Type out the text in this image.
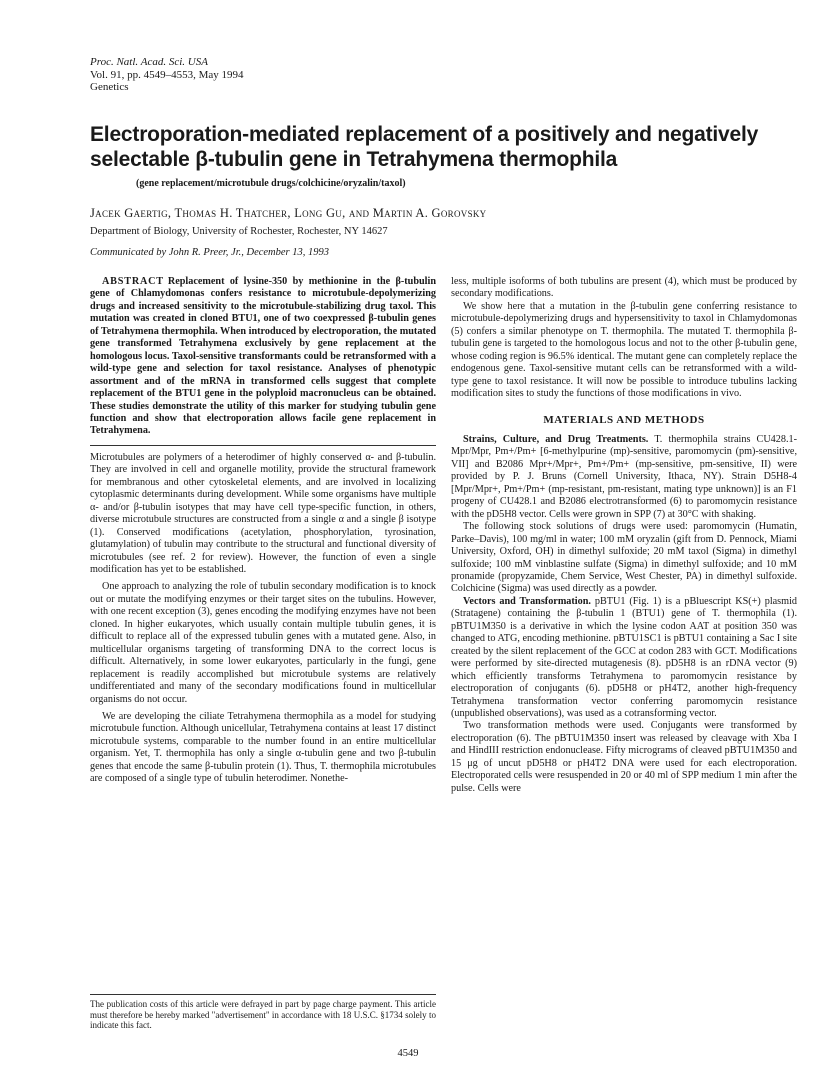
Proc. Natl. Acad. Sci. USA
Vol. 91, pp. 4549–4553, May 1994
Genetics
Electroporation-mediated replacement of a positively and negatively selectable β-tubulin gene in Tetrahymena thermophila
(gene replacement/microtubule drugs/colchicine/oryzalin/taxol)
Jacek Gaertig, Thomas H. Thatcher, Long Gu, and Martin A. Gorovsky
Department of Biology, University of Rochester, Rochester, NY 14627
Communicated by John R. Preer, Jr., December 13, 1993

ABSTRACT Replacement of lysine-350 by methionine in the β-tubulin gene of Chlamydomonas confers resistance to microtubule-depolymerizing drugs and increased sensitivity to the microtubule-stabilizing drug taxol. This mutation was created in cloned BTU1, one of two coexpressed β-tubulin genes of Tetrahymena thermophila. When introduced by electroporation, the mutated gene transformed Tetrahymena exclusively by gene replacement at the homologous locus. Taxol-sensitive transformants could be retransformed with a wild-type gene and selection for taxol resistance. Analyses of phenotypic assortment and of the mRNA in transformed cells suggest that complete replacement of the BTU1 gene in the polyploid macronucleus can be obtained. These studies demonstrate the utility of this marker for studying tubulin gene function and show that electroporation allows facile gene replacement in Tetrahymena.

Microtubules are polymers of a heterodimer of highly conserved α- and β-tubulin. They are involved in cell and organelle motility, provide the structural framework for membranous and other cytoskeletal elements, and are involved in localizing cytoplasmic determinants during development. While some organisms have multiple α- and/or β-tubulin isotypes that may have cell type-specific function, in others, diverse microtubule structures are constructed from a single α and a single β isotype (1). Conserved modifications (acetylation, phosphorylation, tyrosination, glutamylation) of tubulin may contribute to the structural and functional diversity of microtubules (see ref. 2 for review). However, the function of even a single modification has yet to be established.

One approach to analyzing the role of tubulin secondary modification is to knock out or mutate the modifying enzymes or their target sites on the tubulins. However, with one recent exception (3), genes encoding the modifying enzymes have not been cloned. In higher eukaryotes, which usually contain multiple tubulin genes, it is difficult to replace all of the expressed tubulin genes with a mutated gene. Also, in multicellular organisms targeting of transforming DNA to the correct locus is difficult. Alternatively, in some lower eukaryotes, particularly in the fungi, gene replacement is readily accomplished but microtubule systems are relatively undifferentiated and many of the secondary modifications found in multicellular organisms do not occur.

We are developing the ciliate Tetrahymena thermophila as a model for studying microtubule function. Although unicellular, Tetrahymena contains at least 17 distinct microtubule systems, comparable to the number found in an entire multicellular organism. Yet, T. thermophila has only a single α-tubulin gene and two β-tubulin genes that encode the same β-tubulin protein (1). Thus, T. thermophila microtubules are composed of a single type of tubulin heterodimer. Nonethe-

less, multiple isoforms of both tubulins are present (4), which must be produced by secondary modifications.

We show here that a mutation in the β-tubulin gene conferring resistance to microtubule-depolymerizing drugs and hypersensitivity to taxol in Chlamydomonas (5) confers a similar phenotype on T. thermophila. The mutated T. thermophila β-tubulin gene is targeted to the homologous locus and not to the other β-tubulin gene, whose coding region is 96.5% identical. The mutant gene can completely replace the endogenous gene. Taxol-sensitive mutant cells can be retransformed with a wild-type gene to taxol resistance. It will now be possible to introduce tubulins lacking modification sites to study the functions of those modifications in vivo.

MATERIALS AND METHODS

Strains, Culture, and Drug Treatments. T. thermophila strains CU428.1-Mpr/Mpr, Pm+/Pm+ [6-methylpurine (mp)-sensitive, paromomycin (pm)-sensitive, VII] and B2086 Mpr+/Mpr+, Pm+/Pm+ (mp-sensitive, pm-sensitive, II) were provided by P. J. Bruns (Cornell University, Ithaca, NY). Strain D5H8-4 [Mpr/Mpr+, Pm+/Pm+ (mp-resistant, pm-resistant, mating type unknown)] is an F1 progeny of CU428.1 and B2086 electrotransformed (6) to paromomycin resistance with the pD5H8 vector. Cells were grown in SPP (7) at 30°C with shaking.

The following stock solutions of drugs were used: paromomycin (Humatin, Parke–Davis), 100 mg/ml in water; 100 mM oryzalin (gift from D. Pennock, Miami University, Oxford, OH) in dimethyl sulfoxide; 20 mM taxol (Sigma) in dimethyl sulfoxide; 100 mM vinblastine sulfate (Sigma) in dimethyl sulfoxide; and 10 mM pronamide (propyzamide, Chem Service, West Chester, PA) in dimethyl sulfoxide. Colchicine (Sigma) was used directly as a powder.

Vectors and Transformation. pBTU1 (Fig. 1) is a pBluescript KS(+) plasmid (Stratagene) containing the β-tubulin 1 (BTU1) gene of T. thermophila (1). pBTU1M350 is a derivative in which the lysine codon AAT at position 350 was changed to ATG, encoding methionine. pBTU1SC1 is pBTU1 containing a Sac I site created by the silent replacement of the GCC at codon 283 with GCT. Modifications were performed by site-directed mutagenesis (8). pD5H8 is an rDNA vector (9) which efficiently transforms Tetrahymena to paromomycin resistance by electroporation of conjugants (6). pD5H8 or pH4T2, another high-frequency Tetrahymena transformation vector conferring paromomycin resistance (unpublished observations), was used as a cotransforming vector.

Two transformation methods were used. Conjugants were transformed by electroporation (6). The pBTU1M350 insert was released by cleavage with Xba I and HindIII restriction endonuclease. Fifty micrograms of cleaved pBTU1M350 and 15 μg of uncut pD5H8 or pH4T2 DNA were used for each electroporation. Electroporated cells were resuspended in 20 or 40 ml of SPP medium 1 min after the pulse. Cells were

The publication costs of this article were defrayed in part by page charge payment. This article must therefore be hereby marked "advertisement" in accordance with 18 U.S.C. §1734 solely to indicate this fact.
4549
